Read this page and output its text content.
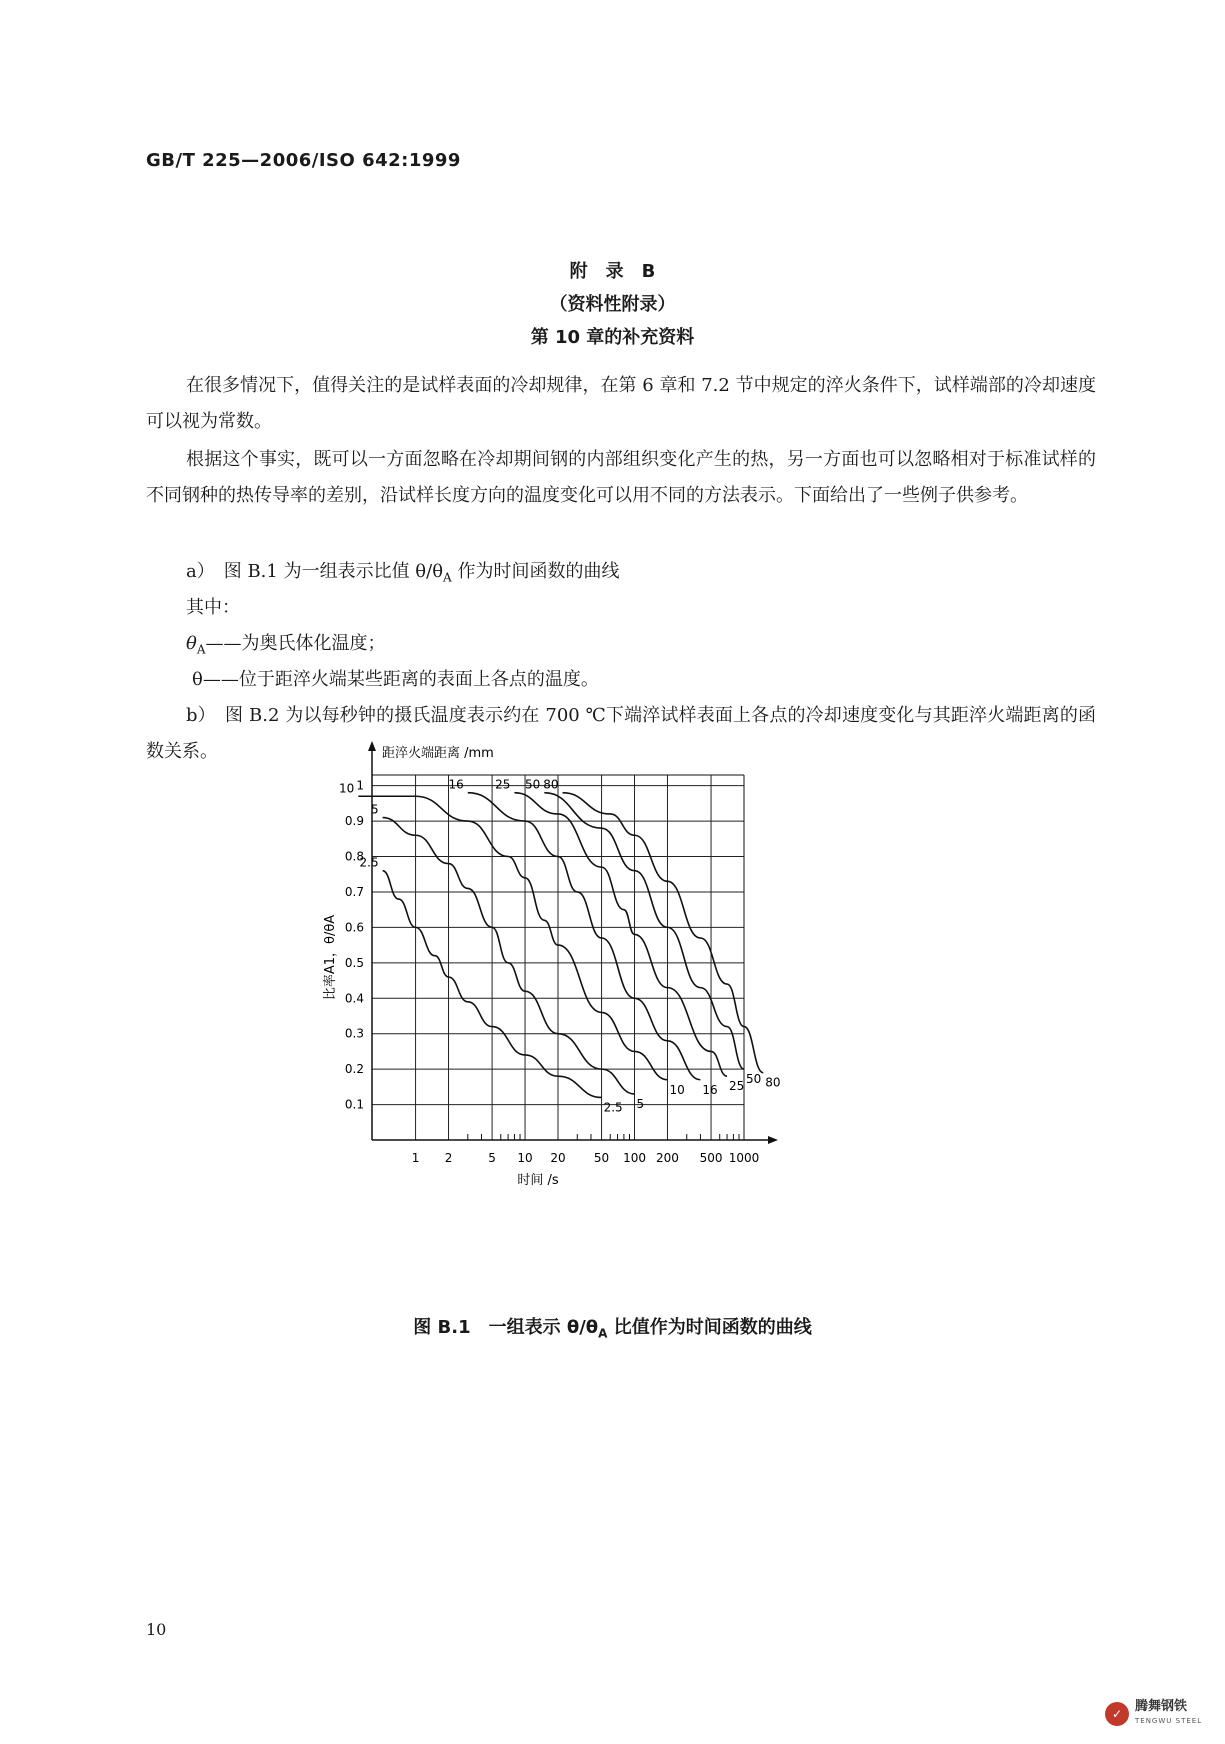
GB/T 225—2006/ISO 642:1999
附　录　B
（资料性附录）
第 10 章的补充资料
在很多情况下，值得关注的是试样表面的冷却规律，在第 6 章和 7.2 节中规定的淬火条件下，试样端部的冷却速度可以视为常数。
根据这个事实，既可以一方面忽略在冷却期间钢的内部组织变化产生的热，另一方面也可以忽略相对于标准试样的不同钢种的热传导率的差别，沿试样长度方向的温度变化可以用不同的方法表示。下面给出了一些例子供参考。
a）　图 B.1 为一组表示比值 $\theta/\theta_A$ 作为时间函数的曲线
其中：
$\theta_A——$为奥氏体化温度；
θ——位于距淬火端某些距离的表面上各点的温度。
b）　图 B.2 为以每秒钟的摄氏温度表示约在 700 ℃下端淬试样表面上各点的冷却速度变化与其距淬火端距离的函数关系。
0.1
0.2
0.3
0.4
0.5
0.6
0.7
0.8
0.9
1
1 2	5 10 20 50 100 200 500 1000
2.5
2.5
5
5
10
10
16
16
25
25
50
50
80
80
距淬火端距离 /mm
时间 /s
比率A1，θ/θA
图 B.1　一组表示 $\theta/\theta_A$ 比值作为时间函数的曲线
10
✓ 腾舞钢铁
TENGWU STEEL
